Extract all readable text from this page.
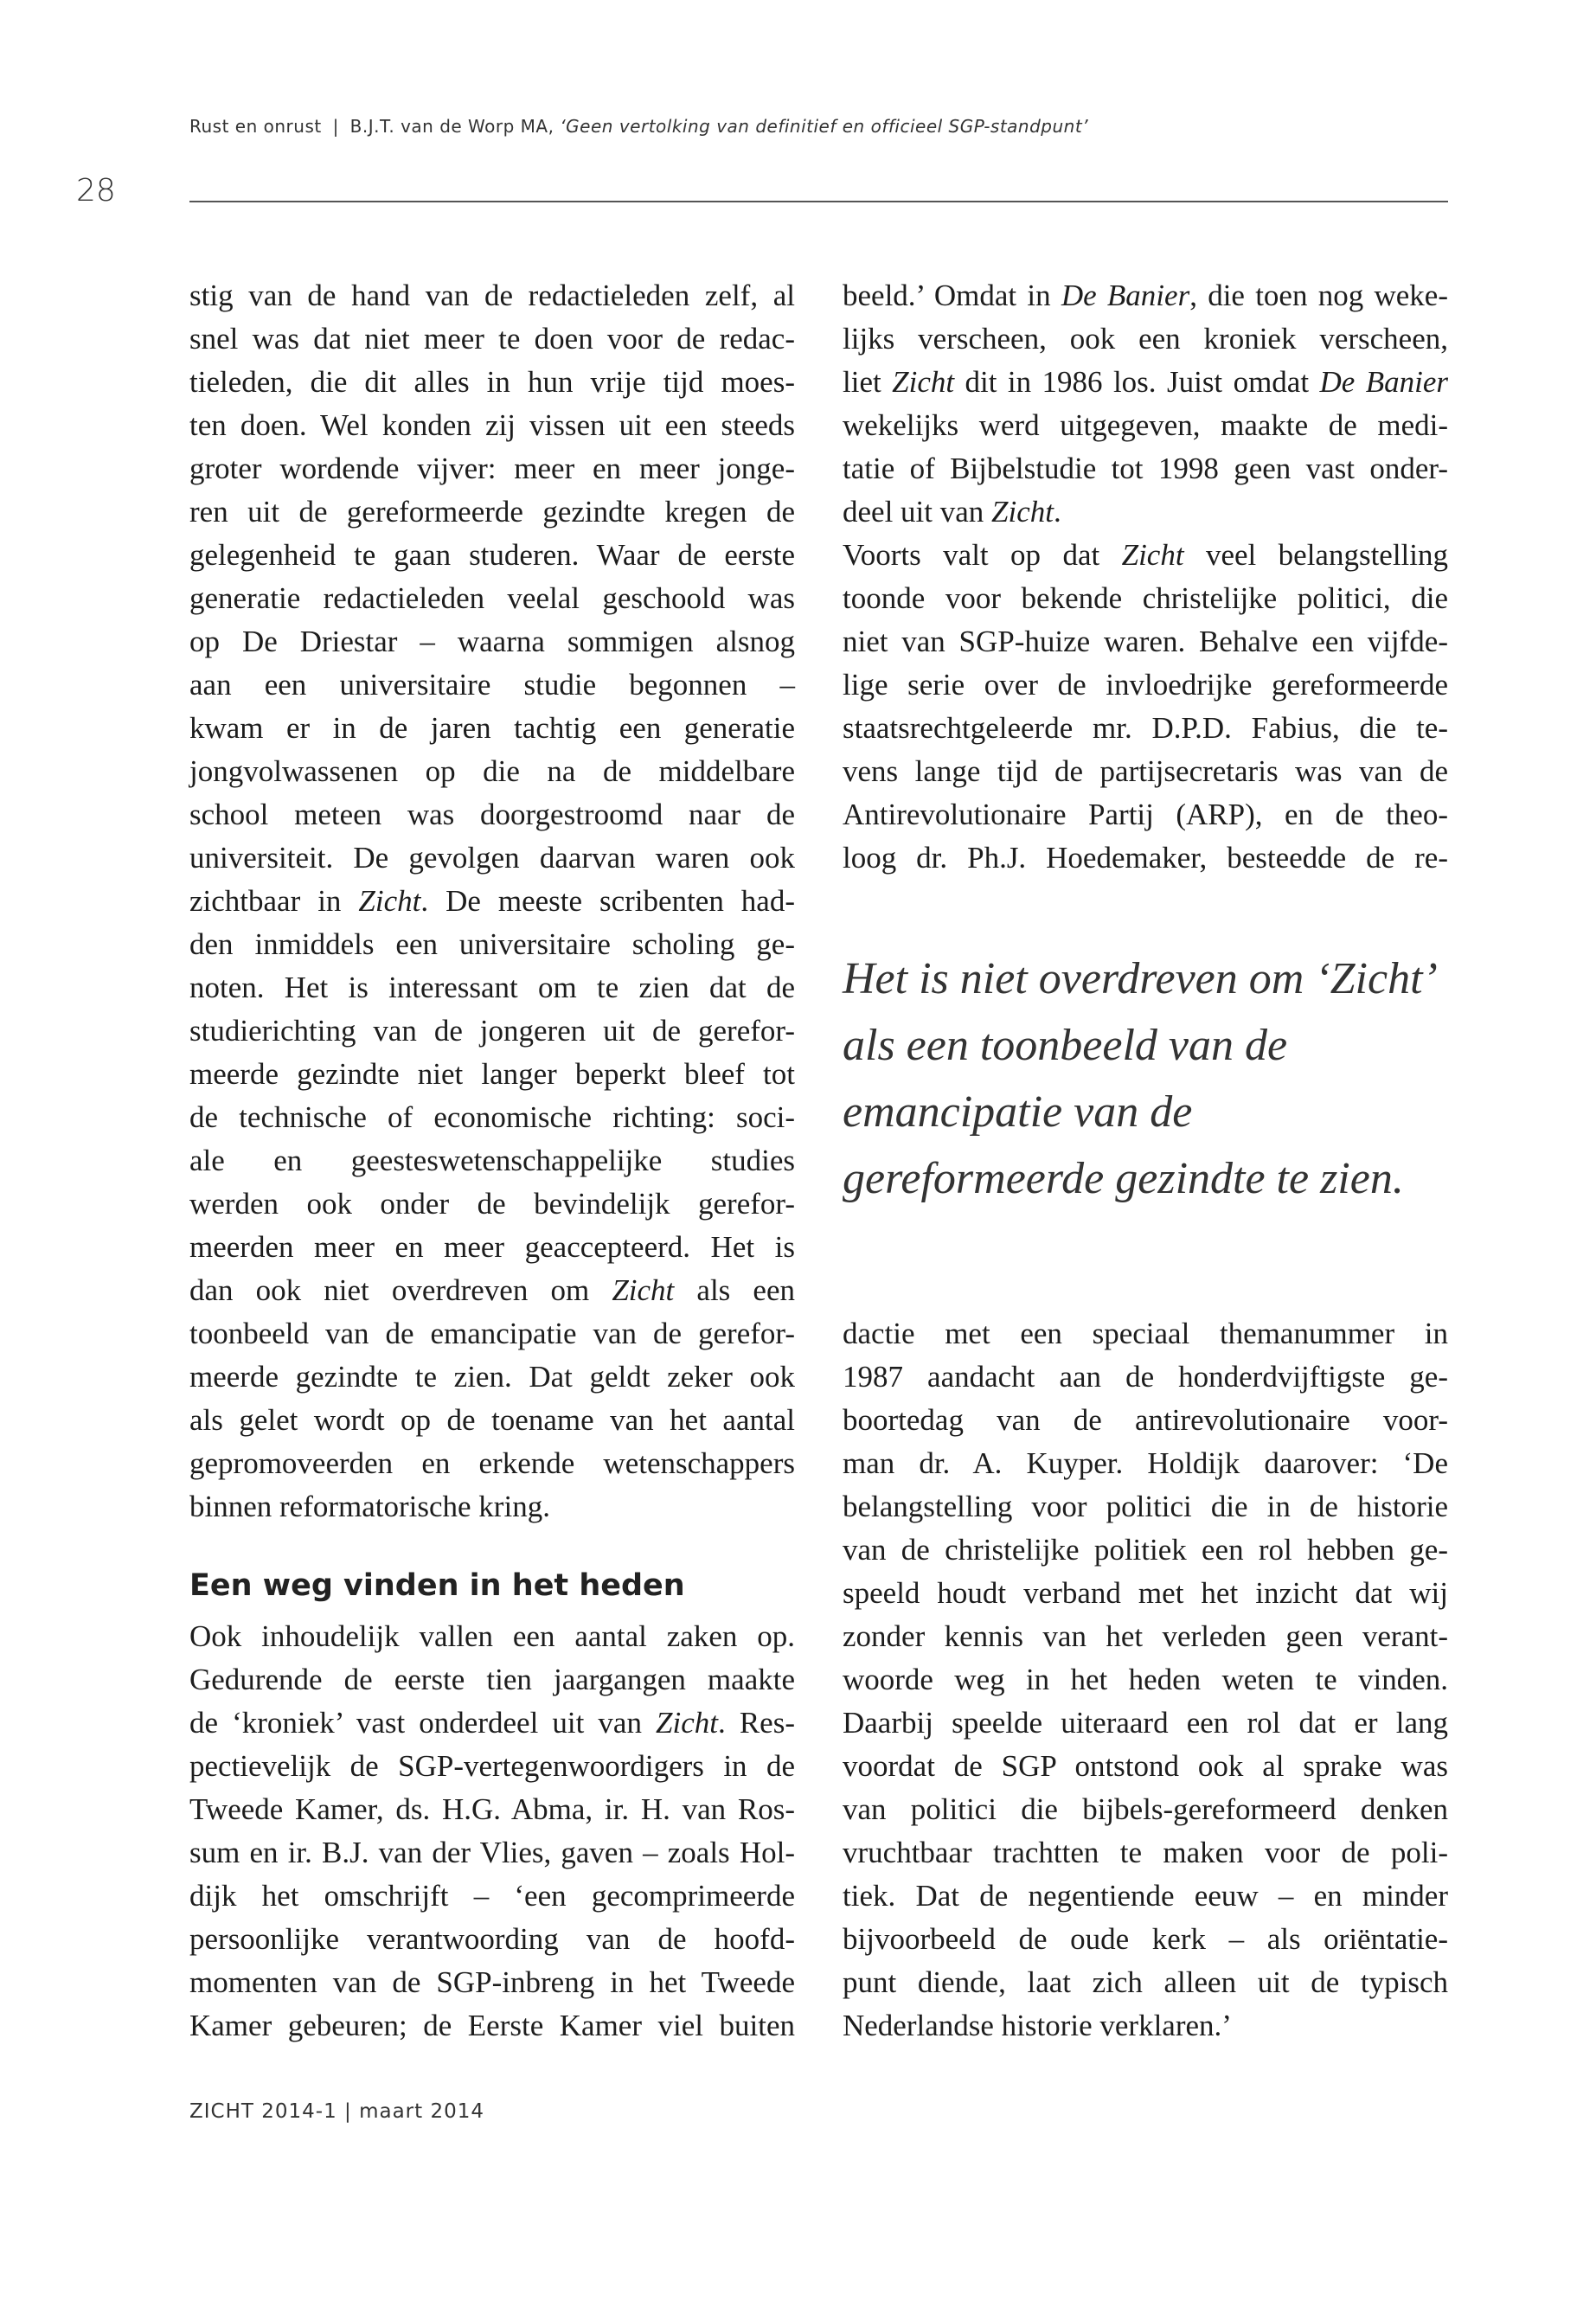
Rust en onrust | B.J.T. van de Worp MA, ‘Geen vertolking van definitief en officieel SGP-standpunt’
28
stig van de hand van de redactieleden zelf, al
snel was dat niet meer te doen voor de redac-
tieleden, die dit alles in hun vrije tijd moes-
ten doen. Wel konden zij vissen uit een steeds
groter wordende vijver: meer en meer jonge-
ren uit de gereformeerde gezindte kregen de
gelegenheid te gaan studeren. Waar de eerste
generatie redactieleden veelal geschoold was
op De Driestar – waarna sommigen alsnog
aan een universitaire studie begonnen –
kwam er in de jaren tachtig een generatie
jongvolwassenen op die na de middelbare
school meteen was doorgestroomd naar de
universiteit. De gevolgen daarvan waren ook
zichtbaar in Zicht. De meeste scribenten had-
den inmiddels een universitaire scholing ge-
noten. Het is interessant om te zien dat de
studierichting van de jongeren uit de gerefor-
meerde gezindte niet langer beperkt bleef tot
de technische of economische richting: soci-
ale en geesteswetenschappelijke studies
werden ook onder de bevindelijk gerefor-
meerden meer en meer geaccepteerd. Het is
dan ook niet overdreven om Zicht als een
toonbeeld van de emancipatie van de gerefor-
meerde gezindte te zien. Dat geldt zeker ook
als gelet wordt op de toename van het aantal
gepromoveerden en erkende wetenschappers
binnen reformatorische kring.
Een weg vinden in het heden
Ook inhoudelijk vallen een aantal zaken op.
Gedurende de eerste tien jaargangen maakte
de ‘kroniek’ vast onderdeel uit van Zicht. Res-
pectievelijk de SGP-vertegenwoordigers in de
Tweede Kamer, ds. H.G. Abma, ir. H. van Ros-
sum en ir. B.J. van der Vlies, gaven – zoals Hol-
dijk het omschrijft – ‘een gecomprimeerde
persoonlijke verantwoording van de hoofd-
momenten van de SGP-inbreng in het Tweede
Kamer gebeuren; de Eerste Kamer viel buiten
beeld.’ Omdat in De Banier, die toen nog weke-
lijks verscheen, ook een kroniek verscheen,
liet Zicht dit in 1986 los. Juist omdat De Banier
wekelijks werd uitgegeven, maakte de medi-
tatie of Bijbelstudie tot 1998 geen vast onder-
deel uit van Zicht.
Voorts valt op dat Zicht veel belangstelling
toonde voor bekende christelijke politici, die
niet van SGP-huize waren. Behalve een vijfde-
lige serie over de invloedrijke gereformeerde
staatsrechtgeleerde mr. D.P.D. Fabius, die te-
vens lange tijd de partijsecretaris was van de
Antirevolutionaire Partij (ARP), en de theo-
loog dr. Ph.J. Hoedemaker, besteedde de re-
Het is niet overdreven om ‘Zicht’
als een toonbeeld van de
emancipatie van de
gereformeerde gezindte te zien.
dactie met een speciaal themanummer in
1987 aandacht aan de honderdvijftigste ge-
boortedag van de antirevolutionaire voor-
man dr. A. Kuyper. Holdijk daarover: ‘De
belangstelling voor politici die in de historie
van de christelijke politiek een rol hebben ge-
speeld houdt verband met het inzicht dat wij
zonder kennis van het verleden geen verant-
woorde weg in het heden weten te vinden.
Daarbij speelde uiteraard een rol dat er lang
voordat de SGP ontstond ook al sprake was
van politici die bijbels-gereformeerd denken
vruchtbaar trachtten te maken voor de poli-
tiek. Dat de negentiende eeuw – en minder
bijvoorbeeld de oude kerk – als oriëntatie-
punt diende, laat zich alleen uit de typisch
Nederlandse historie verklaren.’
ZICHT 2014-1 | maart 2014
